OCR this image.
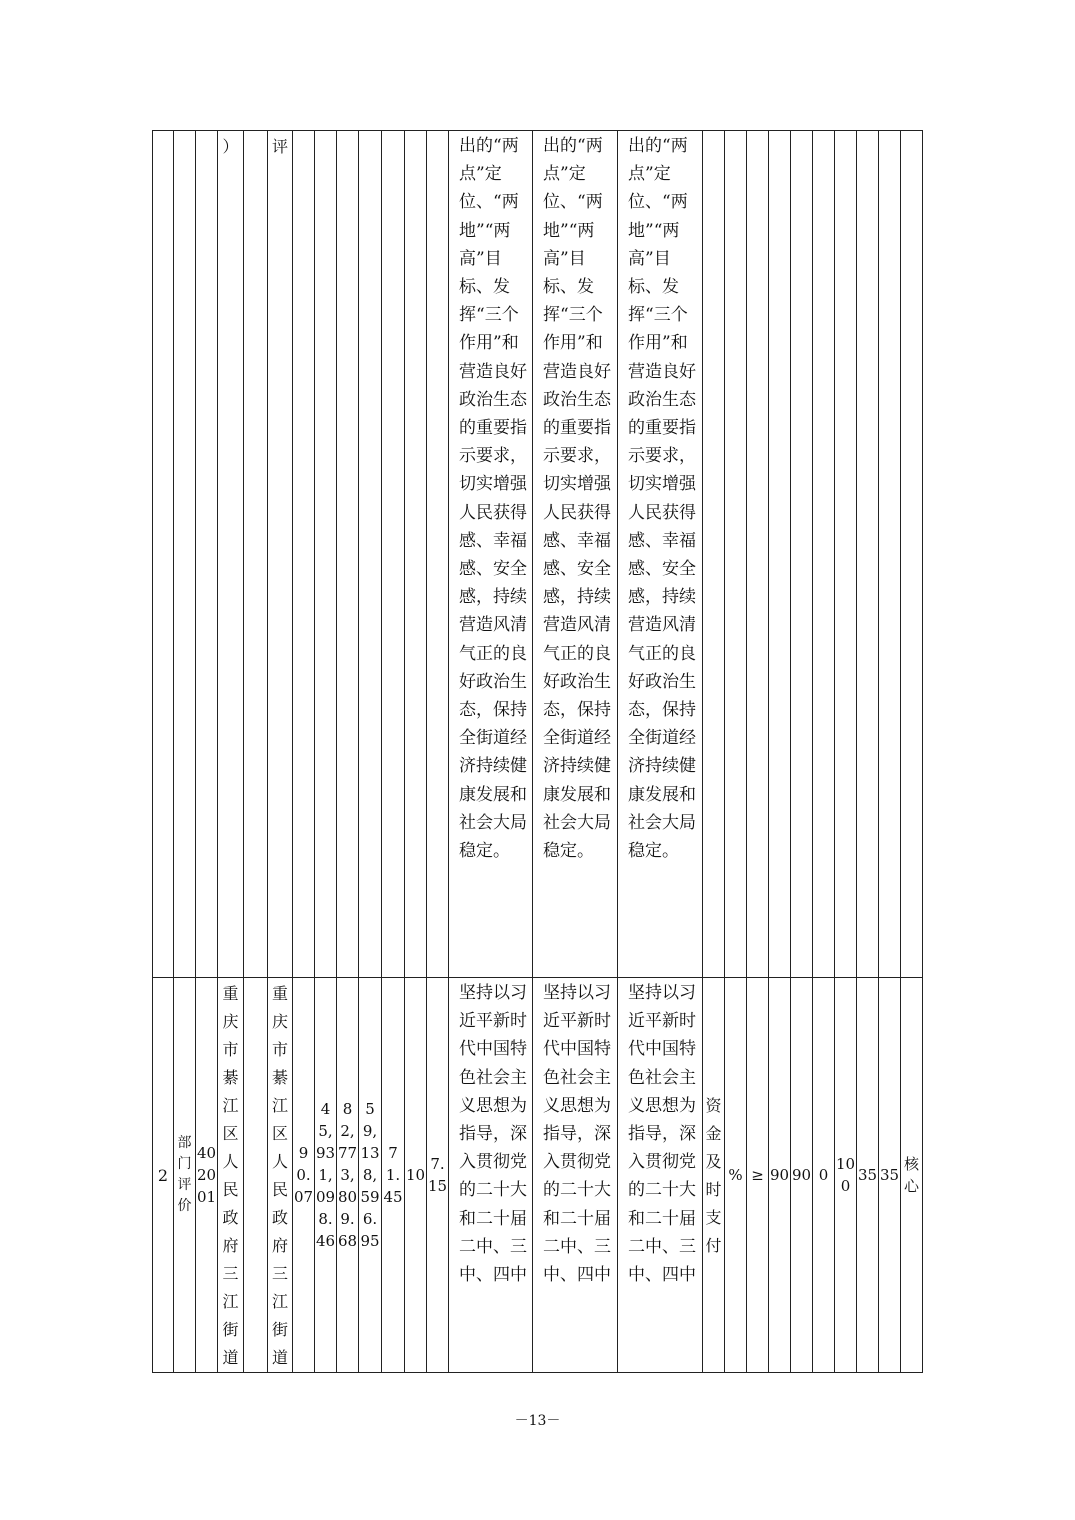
			）		评								出的“两点”定位、“两地”“两高”目标、发挥“三个作用”和营造良好政治生态的重要指示要求，切实增强人民获得感、幸福感、安全感，持续营造风清气正的良好政治生态，保持全街道经济持续健康发展和社会大局稳定。	出的“两点”定位、“两地”“两高”目标、发挥“三个作用”和营造良好政治生态的重要指示要求，切实增强人民获得感、幸福感、安全感，持续营造风清气正的良好政治生态，保持全街道经济持续健康发展和社会大局稳定。	出的“两点”定位、“两地”“两高”目标、发挥“三个作用”和营造良好政治生态的重要指示要求，切实增强人民获得感、幸福感、安全感，持续营造风清气正的良好政治生态，保持全街道经济持续健康发展和社会大局稳定。										

2	部门评价	402001	重庆市綦江区人民政府三江街道		重庆市綦江区人民政府三江街道	90.07	45,931,098.46	82,773,809.68	59,138,596.95	71.45	10	7.15	坚持以习近平新时代中国特色社会主义思想为指导，深入贯彻党的二十大和二十届二中、三中、四中	坚持以习近平新时代中国特色社会主义思想为指导，深入贯彻党的二十大和二十届二中、三中、四中	坚持以习近平新时代中国特色社会主义思想为指导，深入贯彻党的二十大和二十届二中、三中、四中	资金及时支付	%	≥	90	90	0	100	35	35	核心
－13－
